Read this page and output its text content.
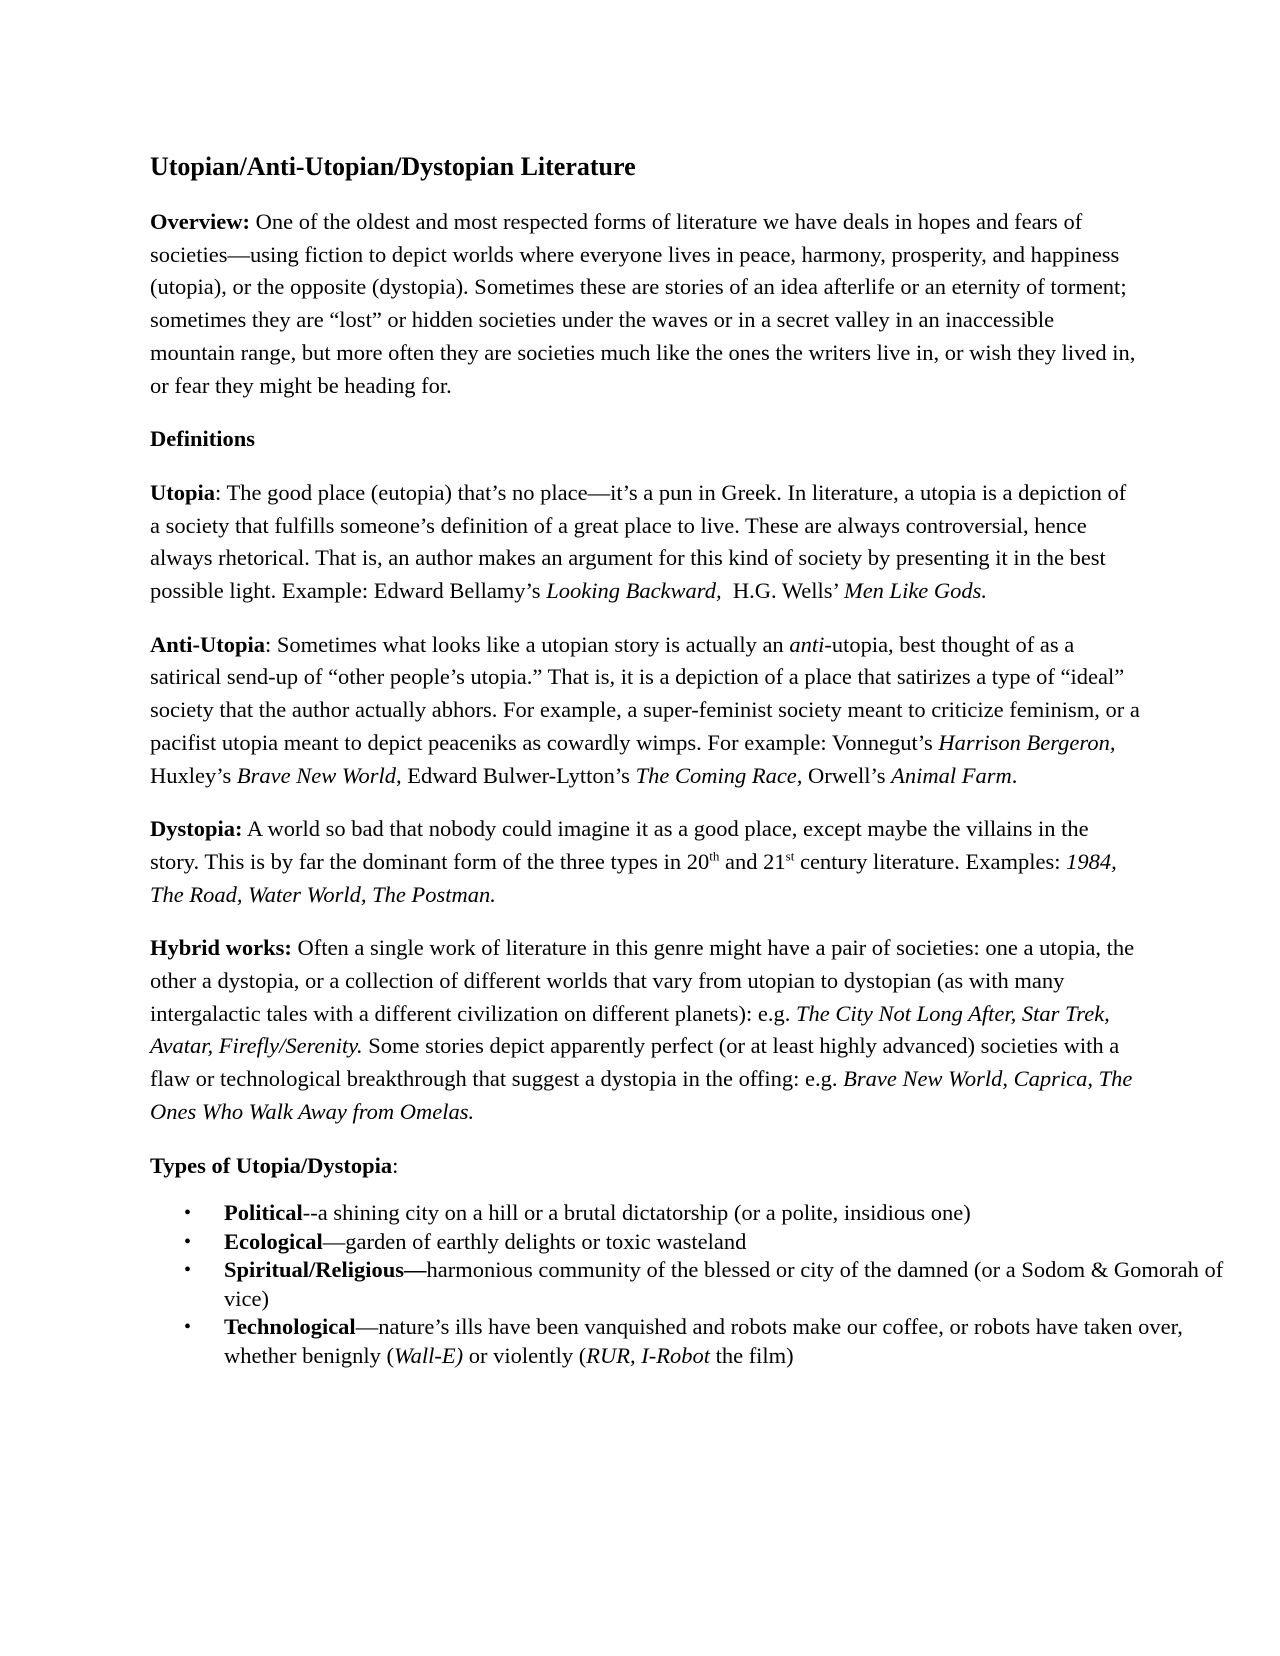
Utopian/Anti-Utopian/Dystopian Literature

Overview: One of the oldest and most respected forms of literature we have deals in hopes and fears of societies—using fiction to depict worlds where everyone lives in peace, harmony, prosperity, and happiness (utopia), or the opposite (dystopia). Sometimes these are stories of an idea afterlife or an eternity of torment; sometimes they are “lost” or hidden societies under the waves or in a secret valley in an inaccessible mountain range, but more often they are societies much like the ones the writers live in, or wish they lived in, or fear they might be heading for.

Definitions

Utopia: The good place (eutopia) that’s no place—it’s a pun in Greek. In literature, a utopia is a depiction of a society that fulfills someone’s definition of a great place to live. These are always controversial, hence always rhetorical. That is, an author makes an argument for this kind of society by presenting it in the best possible light. Example: Edward Bellamy’s Looking Backward,  H.G. Wells’ Men Like Gods.

Anti-Utopia: Sometimes what looks like a utopian story is actually an anti-utopia, best thought of as a satirical send-up of “other people’s utopia.” That is, it is a depiction of a place that satirizes a type of “ideal” society that the author actually abhors. For example, a super-feminist society meant to criticize feminism, or a pacifist utopia meant to depict peaceniks as cowardly wimps. For example: Vonnegut’s Harrison Bergeron, Huxley’s Brave New World, Edward Bulwer-Lytton’s The Coming Race, Orwell’s Animal Farm.

Dystopia: A world so bad that nobody could imagine it as a good place, except maybe the villains in the story. This is by far the dominant form of the three types in 20th and 21st century literature. Examples: 1984, The Road, Water World, The Postman.

Hybrid works: Often a single work of literature in this genre might have a pair of societies: one a utopia, the other a dystopia, or a collection of different worlds that vary from utopian to dystopian (as with many intergalactic tales with a different civilization on different planets): e.g. The City Not Long After, Star Trek, Avatar, Firefly/Serenity. Some stories depict apparently perfect (or at least highly advanced) societies with a flaw or technological breakthrough that suggest a dystopia in the offing: e.g. Brave New World, Caprica, The Ones Who Walk Away from Omelas.

Types of Utopia/Dystopia:

• Political--a shining city on a hill or a brutal dictatorship (or a polite, insidious one)
• Ecological—garden of earthly delights or toxic wasteland
• Spiritual/Religious—harmonious community of the blessed or city of the damned (or a Sodom & Gomorah of vice)
• Technological—nature’s ills have been vanquished and robots make our coffee, or robots have taken over, whether benignly (Wall-E) or violently (RUR, I-Robot the film)
